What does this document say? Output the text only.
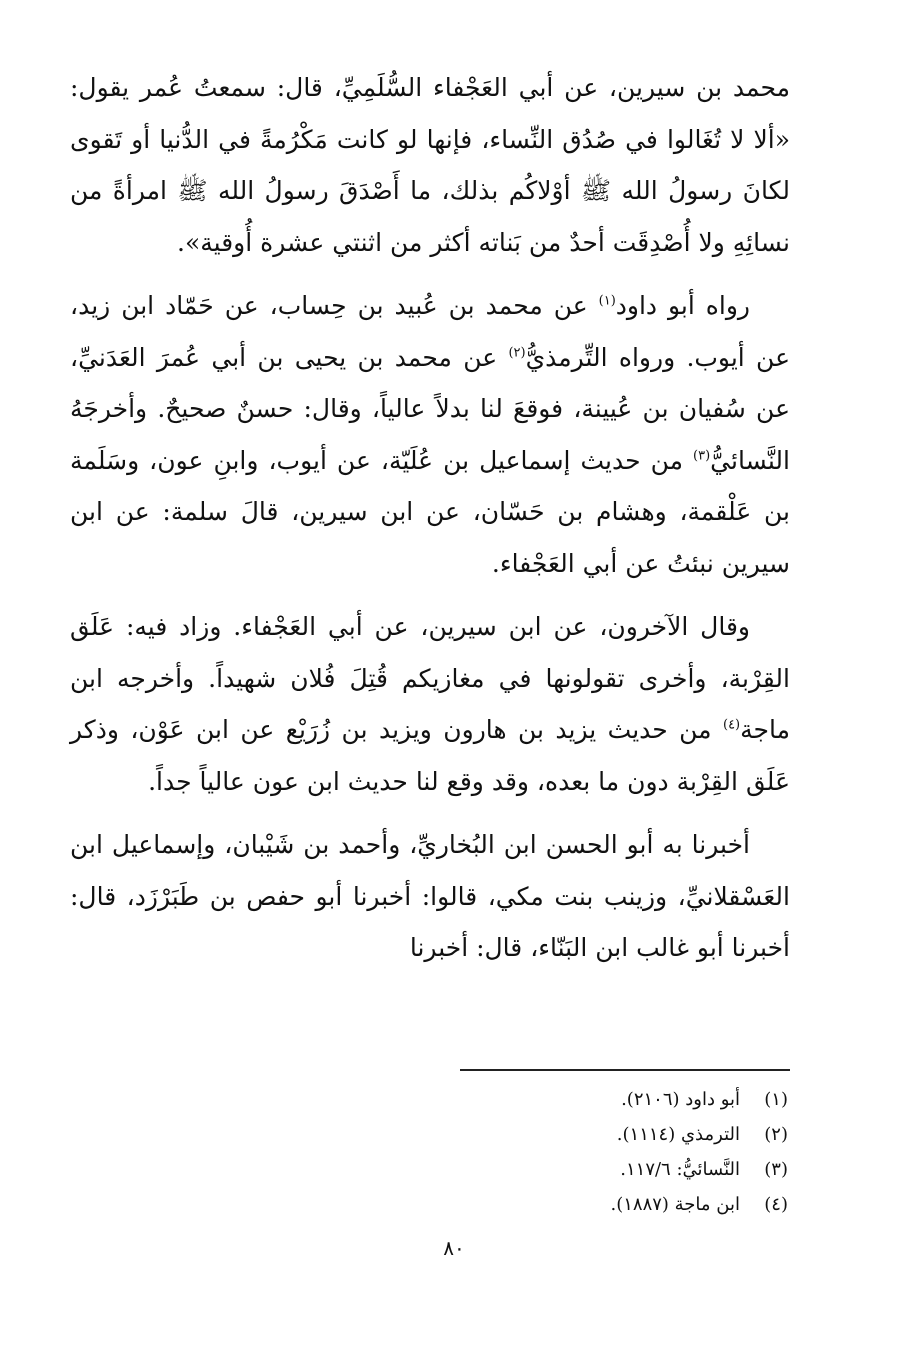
محمد بن سيرين، عن أبي العَجْفاء السُّلَمِيِّ، قال: سمعتُ عُمر يقول: «ألا لا تُغَالوا في صُدُق النِّساء، فإنها لو كانت مَكْرُمةً في الدُّنيا أو تَقوى لكانَ رسولُ الله ﷺ أوْلاكُم بذلك، ما أَصْدَقَ رسولُ الله ﷺ امرأةً من نسائِهِ ولا أُصْدِقَت أحدٌ من بَناته أكثر من اثنتي عشرة أُوقية».

رواه أبو داود$^{(١)}$ عن محمد بن عُبيد بن حِساب، عن حَمّاد ابن زيد، عن أيوب. ورواه التِّرمذيُّ$^{(٢)}$ عن محمد بن يحيى بن أبي عُمرَ العَدَنيِّ، عن سُفيان بن عُيينة، فوقعَ لنا بدلاً عالياً، وقال: حسنٌ صحيحٌ. وأخرجَهُ النَّسائيُّ$^{(٣)}$ من حديث إسماعيل بن عُلَيّة، عن أيوب، وابنِ عون، وسَلَمة بن عَلْقمة، وهشام بن حَسّان، عن ابن سيرين، قالَ سلمة: عن ابن سيرين نبئتُ عن أبي العَجْفاء.

وقال الآخرون، عن ابن سيرين، عن أبي العَجْفاء. وزاد فيه: عَلَق القِرْبة، وأخرى تقولونها في مغازيكم قُتِلَ فُلان شهيداً. وأخرجه ابن ماجة$^{(٤)}$ من حديث يزيد بن هارون ويزيد بن زُرَيْع عن ابن عَوْن، وذكر عَلَق القِرْبة دون ما بعده، وقد وقع لنا حديث ابن عون عالياً جداً.

أخبرنا به أبو الحسن ابن البُخاريِّ، وأحمد بن شَيْبان، وإسماعيل ابن العَسْقلانيِّ، وزينب بنت مكي، قالوا: أخبرنا أبو حفص بن طَبَرْزَد، قال: أخبرنا أبو غالب ابن البَنّاء، قال: أخبرنا

(١)
أبو داود (٢١٠٦).
(٢)
الترمذي (١١١٤).
(٣)
النَّسائيُّ: ١١٧/٦.
(٤)
ابن ماجة (١٨٨٧).
٨٠
